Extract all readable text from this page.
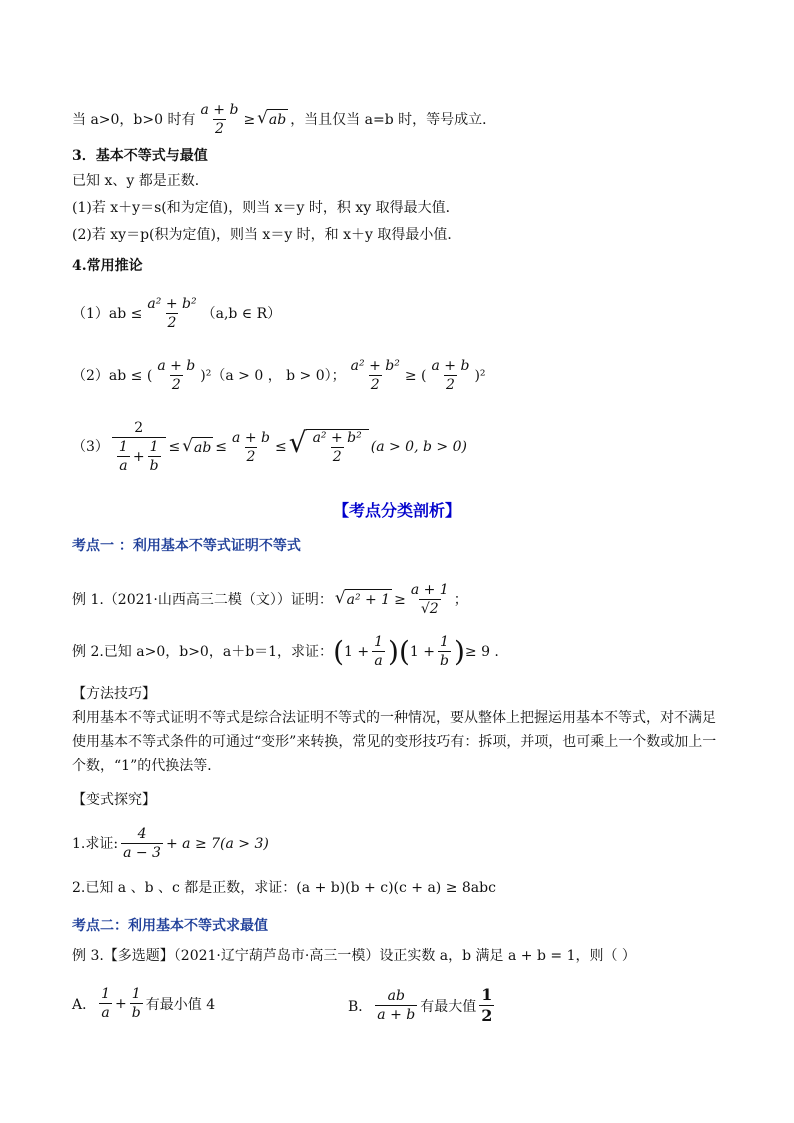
当 a>0，b>0 时有 $\frac{a + b}{2}$ ≥ √ ab ，当且仅当 a=b 时，等号成立．
3．基本不等式与最值
已知 x、y 都是正数．
(1)若 x＋y＝s(和为定值)，则当 x＝y 时，积 xy 取得最大值．
(2)若 xy＝p(积为定值)，则当 x＝y 时，和 x＋y 取得最小值．
4.常用推论
（1） ab ≤ $\frac{\text{a² + b²}}{2} (a,b$ ∈ R）
（2） ab ≤ ( $\frac{a + b}{2} )^2$ （a > 0 ， b > 0）； $\frac{\text{a² + b²}}{2}$ ≥ ( $\frac{a + b}{2} )^2$
$(3) \frac{2}{\frac{1}{a} + \frac{1}{b}}$ ≤ √ ab ≤ $\frac{a + b}{2}$ ≤ √ $\frac{\text{a² + b²}}{2} (a > 0$, b > 0)
【考点分类剖析】
考点一 ：利用基本不等式证明不等式
例 1.（2021·山西高三二模（文））证明： √ $a^2 + 1 \ge \frac{a + 1}{√2}$ ；
例 2.已知 a>0，b>0，a＋b＝1，求证： ( $1 + \frac{1}{a}$ ) ( $1 + \frac{1}{b}$ ) ≥ 9 .
【方法技巧】
利用基本不等式证明不等式是综合法证明不等式的一种情况，要从整体上把握运用基本不等式，对不满足使用基本不等式条件的可通过“变形”来转换，常见的变形技巧有：拆项，并项，也可乘上一个数或加上一个数，“1”的代换法等．
【变式探究】
1.求证: $\frac{4}{a - 3} + a \ge 7(a > 3)$
2.已知 a 、b 、c 都是正数，求证：(a + b)(b + c)(c + a) ≥ 8abc
考点二：利用基本不等式求最值
例 3.【多选题】（2021·辽宁葫芦岛市·高三一模）设正实数 a，b 满足 a + b = 1，则（ ）
A． $\frac{1}{a} + \frac{1}{b}$ 有最小值 4	B． $\frac{ab}{a + b}$ 有最大值 $\frac{1}{2}$
